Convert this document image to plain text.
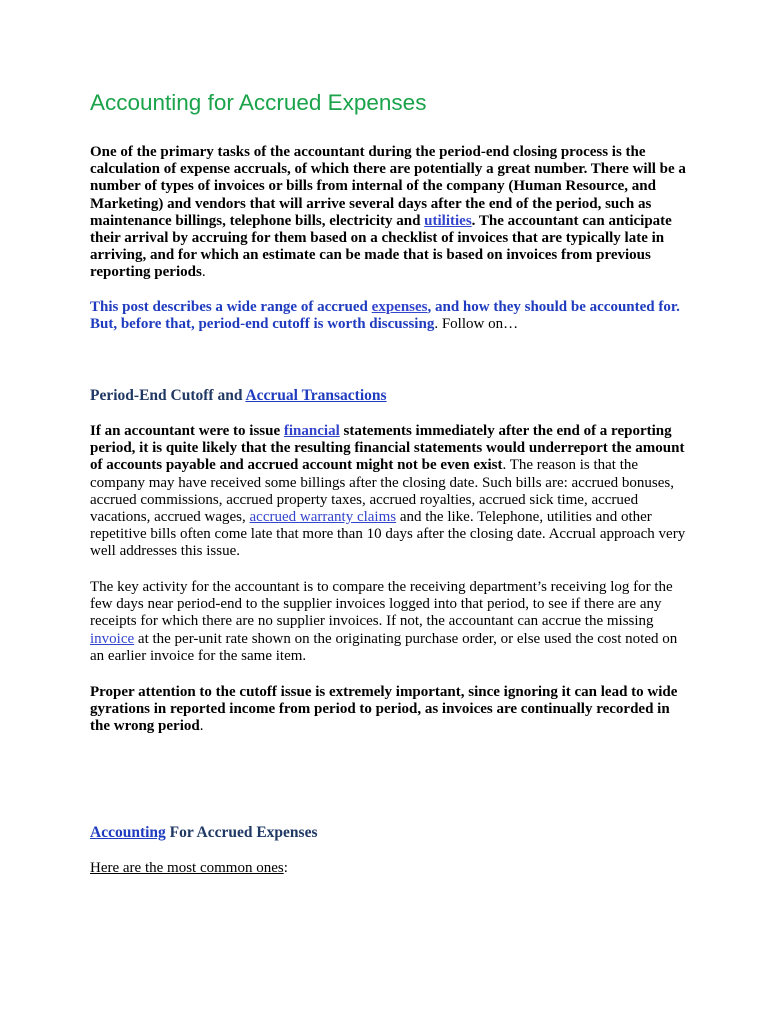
Accounting for Accrued Expenses

One of the primary tasks of the accountant during the period-end closing process is the calculation of expense accruals, of which there are potentially a great number. There will be a number of types of invoices or bills from internal of the company (Human Resource, and Marketing) and vendors that will arrive several days after the end of the period, such as maintenance billings, telephone bills, electricity and utilities. The accountant can anticipate their arrival by accruing for them based on a checklist of invoices that are typically late in arriving, and for which an estimate can be made that is based on invoices from previous reporting periods.

This post describes a wide range of accrued expenses, and how they should be accounted for. But, before that, period-end cutoff is worth discussing. Follow on…

Period-End Cutoff and Accrual Transactions

If an accountant were to issue financial statements immediately after the end of a reporting period, it is quite likely that the resulting financial statements would underreport the amount of accounts payable and accrued account might not be even exist. The reason is that the company may have received some billings after the closing date. Such bills are: accrued bonuses, accrued commissions, accrued property taxes, accrued royalties, accrued sick time, accrued vacations, accrued wages, accrued warranty claims and the like. Telephone, utilities and other repetitive bills often come late that more than 10 days after the closing date. Accrual approach very well addresses this issue.

The key activity for the accountant is to compare the receiving department’s receiving log for the few days near period-end to the supplier invoices logged into that period, to see if there are any receipts for which there are no supplier invoices. If not, the accountant can accrue the missing invoice at the per-unit rate shown on the originating purchase order, or else used the cost noted on an earlier invoice for the same item.

Proper attention to the cutoff issue is extremely important, since ignoring it can lead to wide gyrations in reported income from period to period, as invoices are continually recorded in the wrong period.

Accounting For Accrued Expenses

Here are the most common ones:
